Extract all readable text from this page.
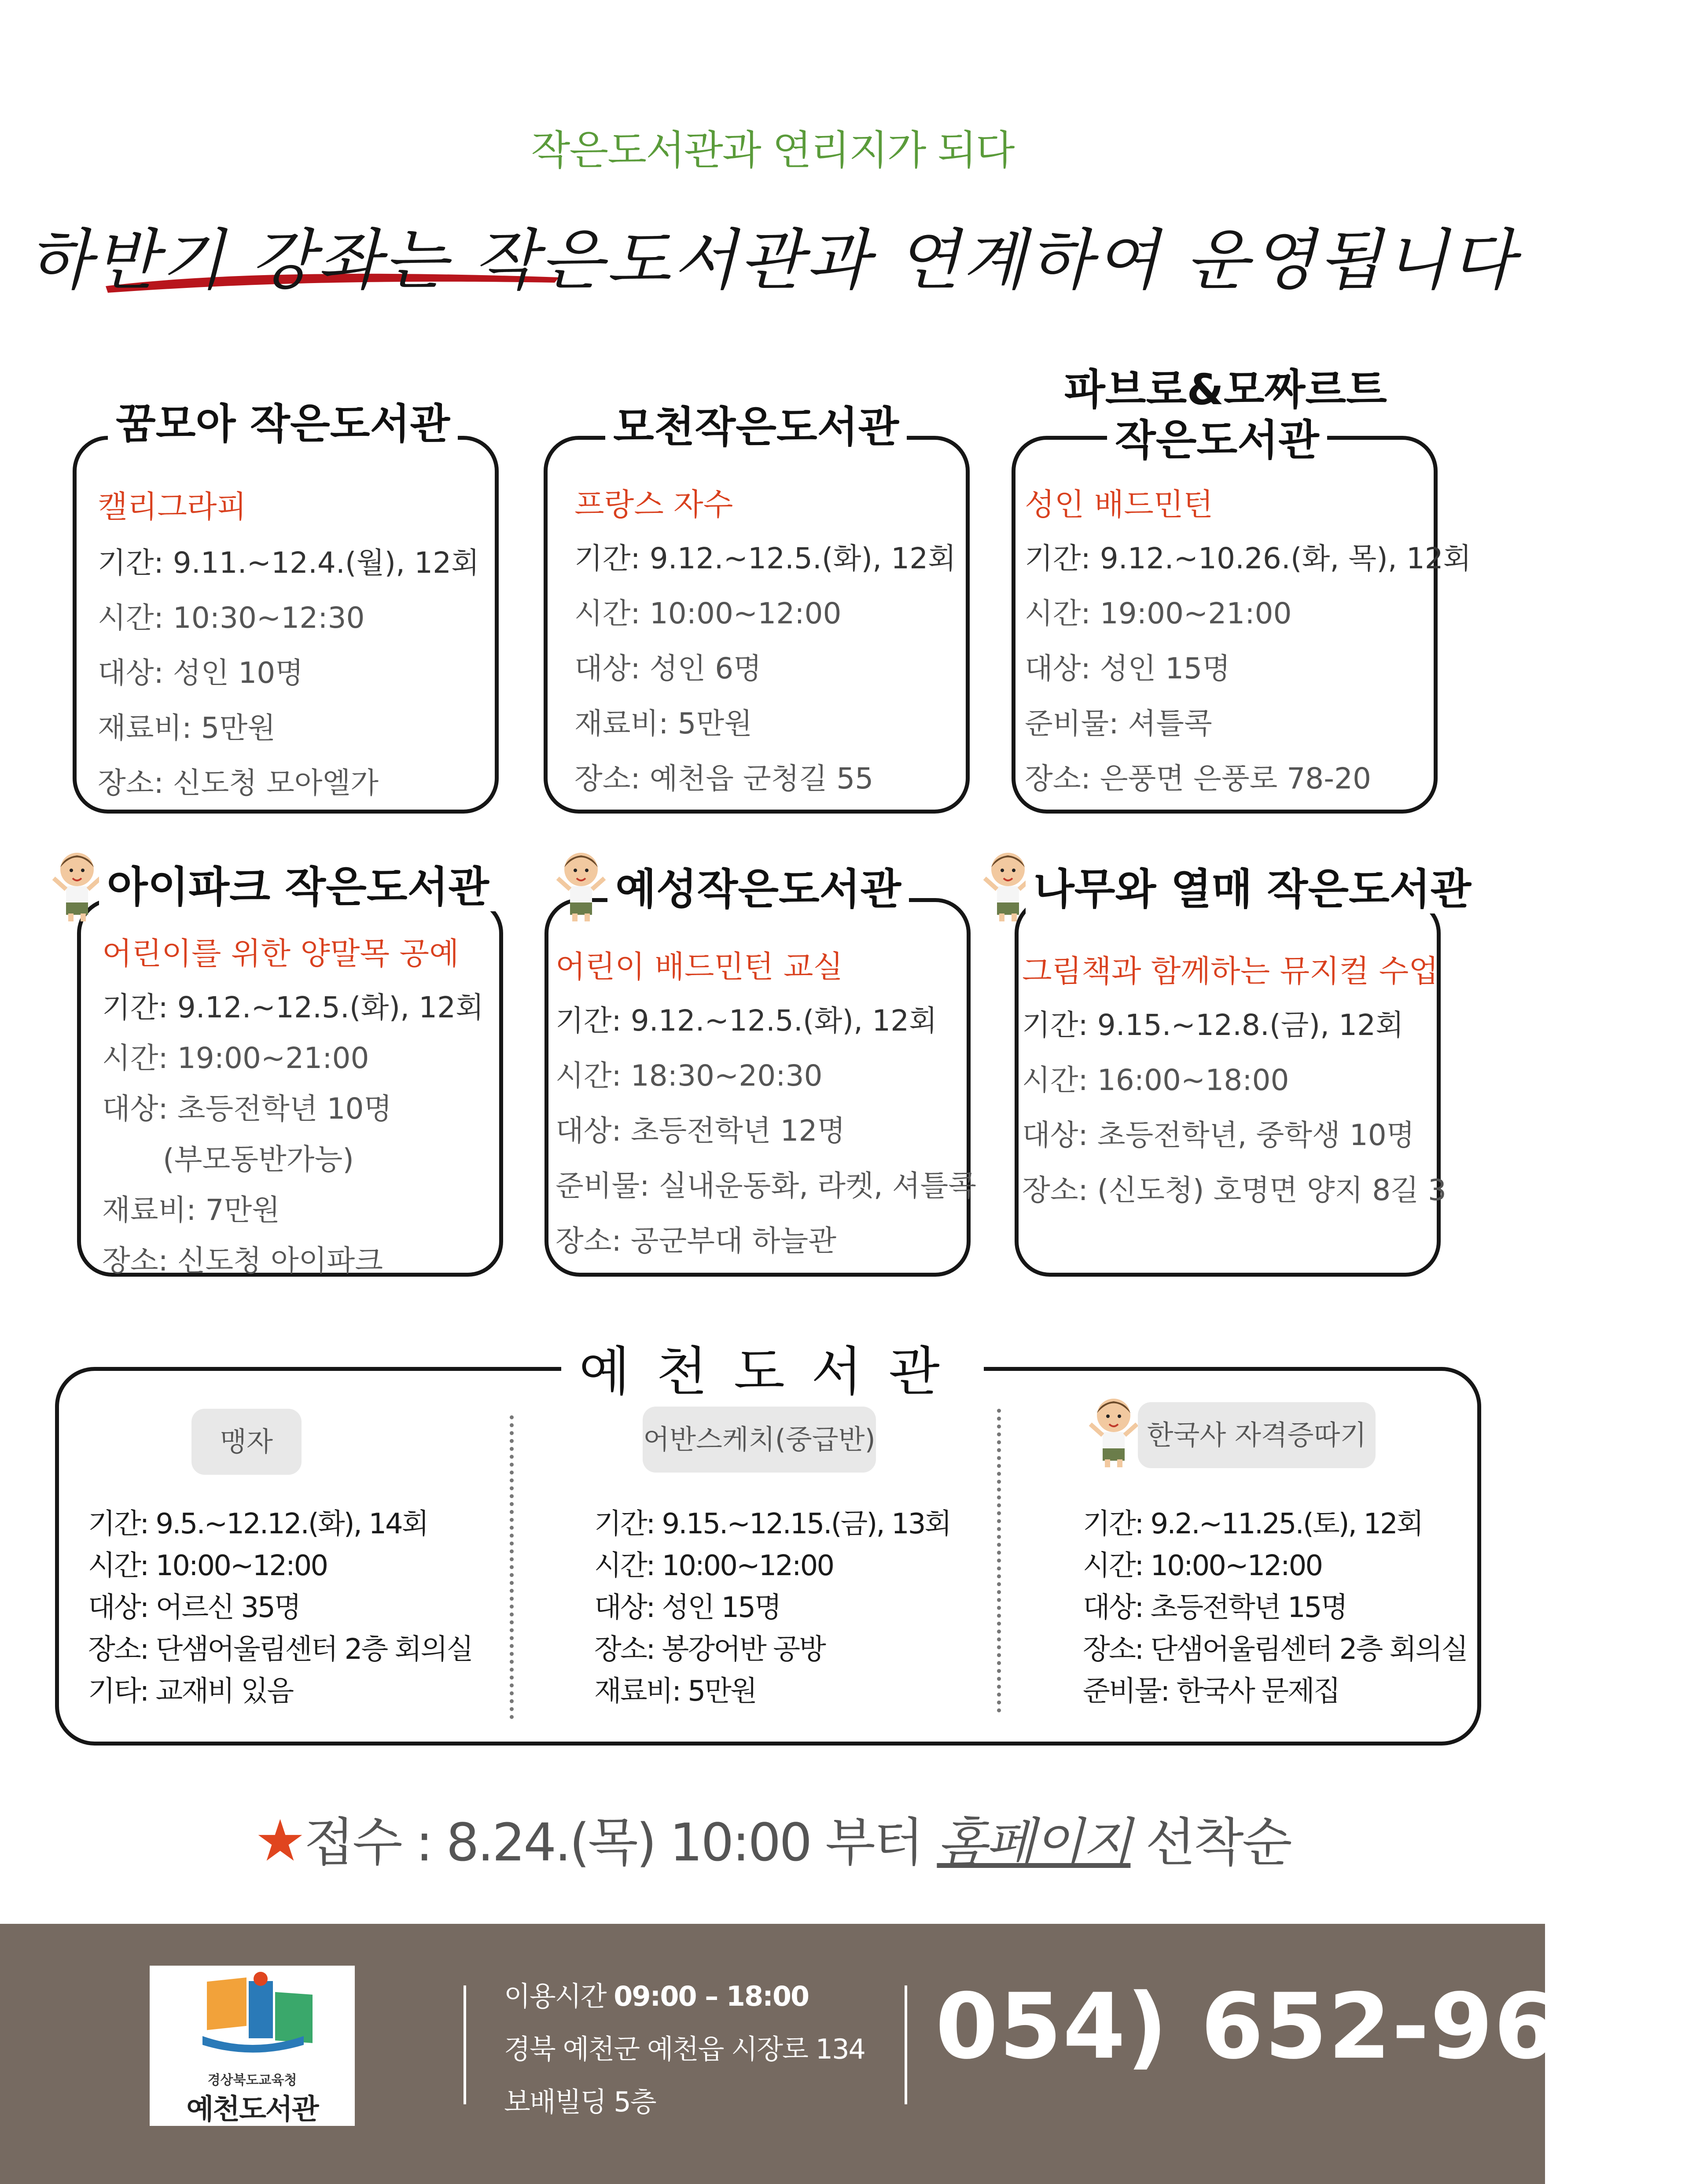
작은도서관과 연리지가 되다
하반기 강좌는 작은도서관과 연계하여 운영됩니다
꿈모아 작은도서관
캘리그라피
기간: 9.11.~12.4.(월), 12회
시간: 10:30~12:30
대상: 성인 10명
재료비: 5만원
장소: 신도청 모아엘가
모천작은도서관
프랑스 자수
기간: 9.12.~12.5.(화), 12회
시간: 10:00~12:00
대상: 성인 6명
재료비: 5만원
장소: 예천읍 군청길 55
파브로&모짜르트
작은도서관
성인 배드민턴
기간: 9.12.~10.26.(화, 목), 12회
시간: 19:00~21:00
대상: 성인 15명
준비물: 셔틀콕
장소: 은풍면 은풍로 78-20
아이파크 작은도서관
어린이를 위한 양말목 공예
기간: 9.12.~12.5.(화), 12회
시간: 19:00~21:00
대상: 초등전학년 10명
(부모동반가능)
재료비: 7만원
장소: 신도청 아이파크
예성작은도서관
어린이 배드민턴 교실
기간: 9.12.~12.5.(화), 12회
시간: 18:30~20:30
대상: 초등전학년 12명
준비물: 실내운동화, 라켓, 셔틀콕
장소: 공군부대 하늘관
나무와 열매 작은도서관
그림책과 함께하는 뮤지컬 수업
기간: 9.15.~12.8.(금), 12회
시간: 16:00~18:00
대상: 초등전학년, 중학생 10명
장소: (신도청) 호명면 양지 8길 3
예천도서관
맹자
기간: 9.5.~12.12.(화), 14회
시간: 10:00~12:00
대상: 어르신 35명
장소: 단샘어울림센터 2층 회의실
기타: 교재비 있음
어반스케치(중급반)
기간: 9.15.~12.15.(금), 13회
시간: 10:00~12:00
대상: 성인 15명
장소: 봉강어반 공방
재료비: 5만원
한국사 자격증따기
기간: 9.2.~11.25.(토), 12회
시간: 10:00~12:00
대상: 초등전학년 15명
장소: 단샘어울림센터 2층 회의실
준비물: 한국사 문제집
★접수 : 8.24.(목) 10:00 부터 홈페이지 선착순
경상북도교육청
예천도서관
이용시간 09:00 – 18:00
경북 예천군 예천읍 시장로 134
보배빌딩 5층
054) 652-9662
